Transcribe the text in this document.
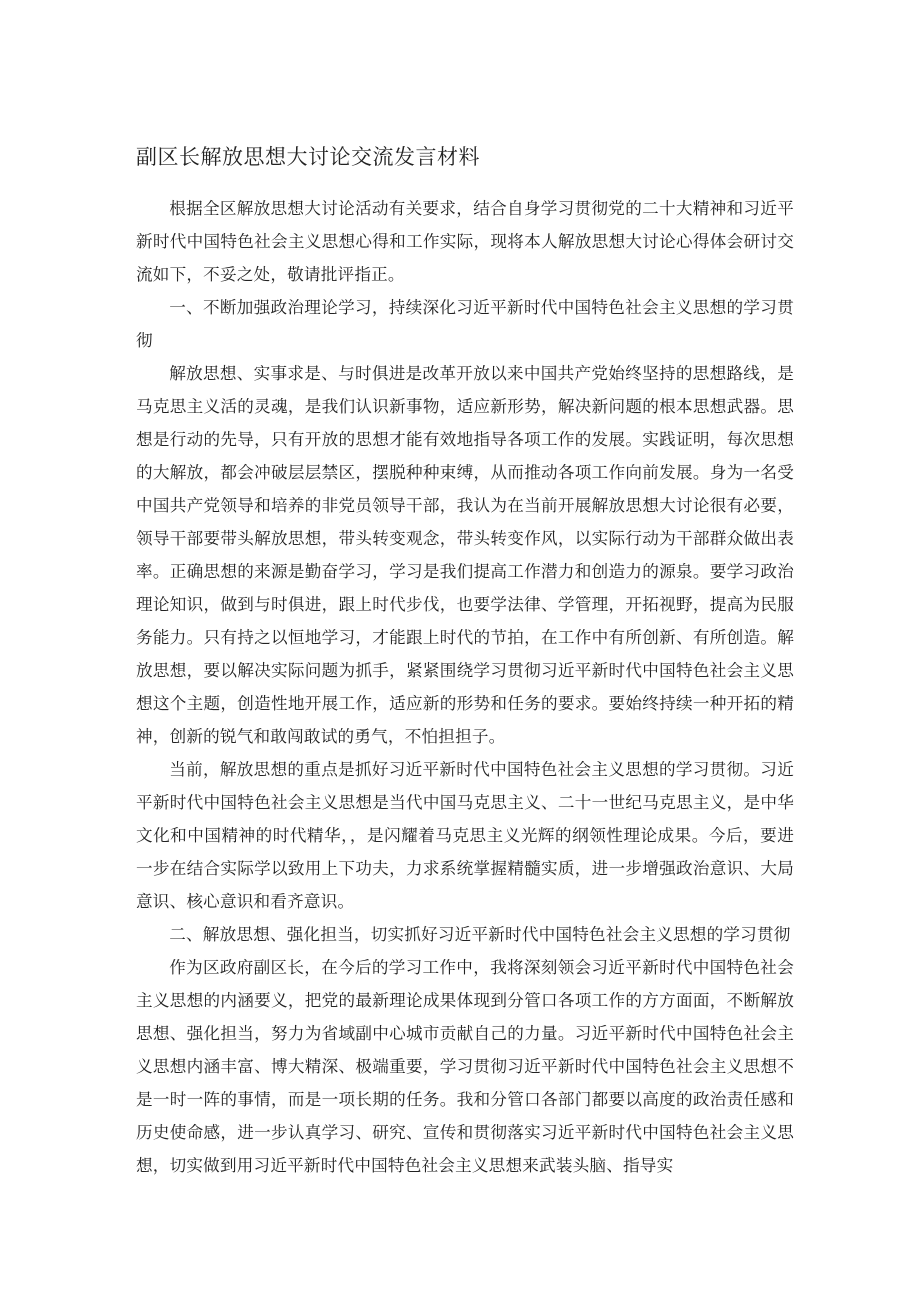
副区长解放思想大讨论交流发言材料

根据全区解放思想大讨论活动有关要求，结合自身学习贯彻党的二十大精神和习近平新时代中国特色社会主义思想心得和工作实际，现将本人解放思想大讨论心得体会研讨交流如下，不妥之处，敬请批评指正。

一、不断加强政治理论学习，持续深化习近平新时代中国特色社会主义思想的学习贯彻

解放思想、实事求是、与时俱进是改革开放以来中国共产党始终坚持的思想路线，是马克思主义活的灵魂，是我们认识新事物，适应新形势，解决新问题的根本思想武器。思想是行动的先导，只有开放的思想才能有效地指导各项工作的发展。实践证明，每次思想的大解放，都会冲破层层禁区，摆脱种种束缚，从而推动各项工作向前发展。身为一名受中国共产党领导和培养的非党员领导干部，我认为在当前开展解放思想大讨论很有必要，领导干部要带头解放思想，带头转变观念，带头转变作风，以实际行动为干部群众做出表率。正确思想的来源是勤奋学习，学习是我们提高工作潜力和创造力的源泉。要学习政治理论知识，做到与时俱进，跟上时代步伐，也要学法律、学管理，开拓视野，提高为民服务能力。只有持之以恒地学习，才能跟上时代的节拍，在工作中有所创新、有所创造。解放思想，要以解决实际问题为抓手，紧紧围绕学习贯彻习近平新时代中国特色社会主义思想这个主题，创造性地开展工作，适应新的形势和任务的要求。要始终持续一种开拓的精神，创新的锐气和敢闯敢试的勇气，不怕担担子。

当前，解放思想的重点是抓好习近平新时代中国特色社会主义思想的学习贯彻。习近平新时代中国特色社会主义思想是当代中国马克思主义、二十一世纪马克思主义，是中华文化和中国精神的时代精华，，是闪耀着马克思主义光辉的纲领性理论成果。今后，要进一步在结合实际学以致用上下功夫，力求系统掌握精髓实质，进一步增强政治意识、大局意识、核心意识和看齐意识。

二、解放思想、强化担当，切实抓好习近平新时代中国特色社会主义思想的学习贯彻

作为区政府副区长，在今后的学习工作中，我将深刻领会习近平新时代中国特色社会主义思想的内涵要义，把党的最新理论成果体现到分管口各项工作的方方面面，不断解放思想、强化担当，努力为省域副中心城市贡献自己的力量。习近平新时代中国特色社会主义思想内涵丰富、博大精深、极端重要，学习贯彻习近平新时代中国特色社会主义思想不是一时一阵的事情，而是一项长期的任务。我和分管口各部门都要以高度的政治责任感和历史使命感，进一步认真学习、研究、宣传和贯彻落实习近平新时代中国特色社会主义思想，切实做到用习近平新时代中国特色社会主义思想来武装头脑、指导实
